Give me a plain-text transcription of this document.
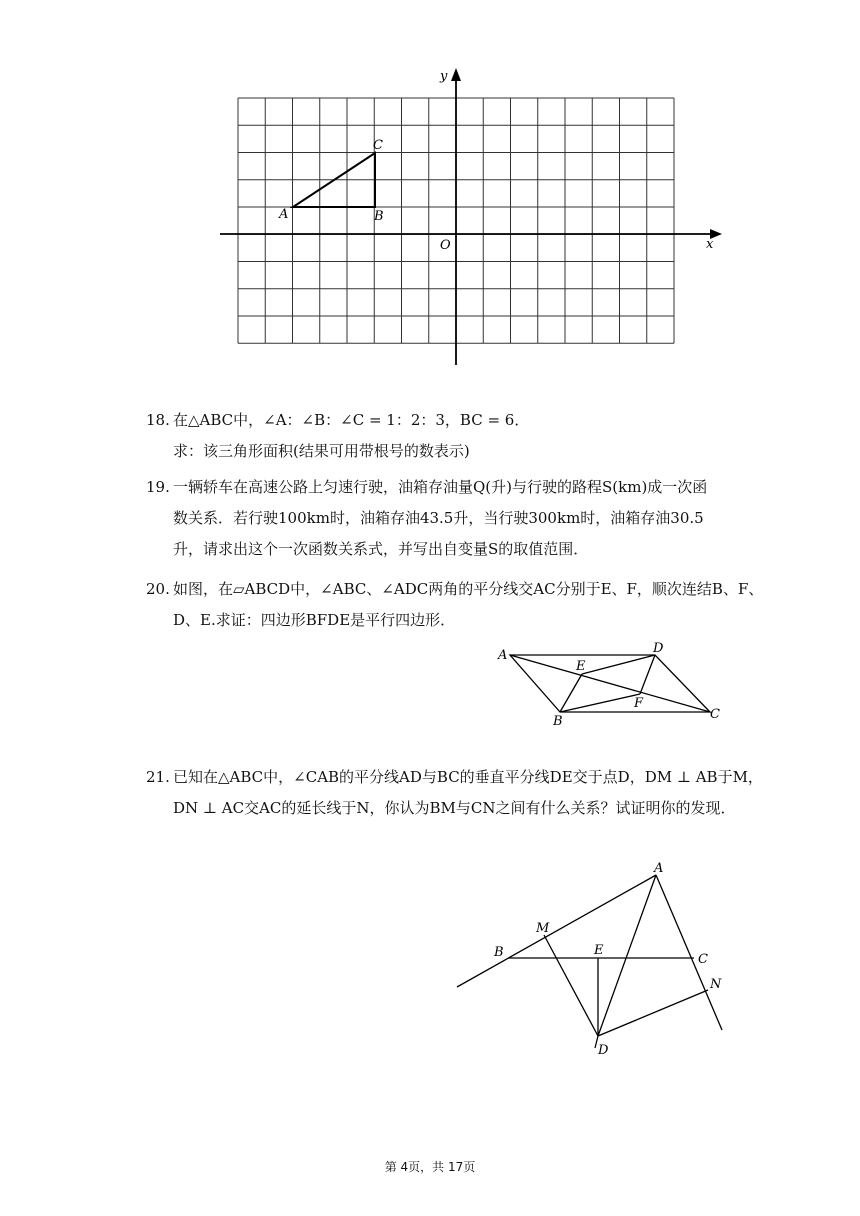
y
x
O
A	B
C
18. 在△ABC中，∠A：∠B：∠C = 1：2：3，BC = 6．
求：该三角形面积(结果可用带根号的数表示)
19. 一辆轿车在高速公路上匀速行驶，油箱存油量Q(升)与行驶的路程S(km)成一次函
数关系．若行驶100km时，油箱存油43.5升，当行驶300km时，油箱存油30.5
升，请求出这个一次函数关系式，并写出自变量S的取值范围．
20. 如图，在▱ABCD中，∠ABC、∠ADC两角的平分线交AC分别于E、F，顺次连结B、F、
D、E.求证：四边形BFDE是平行四边形．
A	D
C
B
E
F
21. 已知在△ABC中，∠CAB的平分线AD与BC的垂直平分线DE交于点D，DM ⊥ AB于M，
DN ⊥ AC交AC的延长线于N，你认为BM与CN之间有什么关系？试证明你的发现．
A
M
B	E
C
N
D
第 4页，共 17页
